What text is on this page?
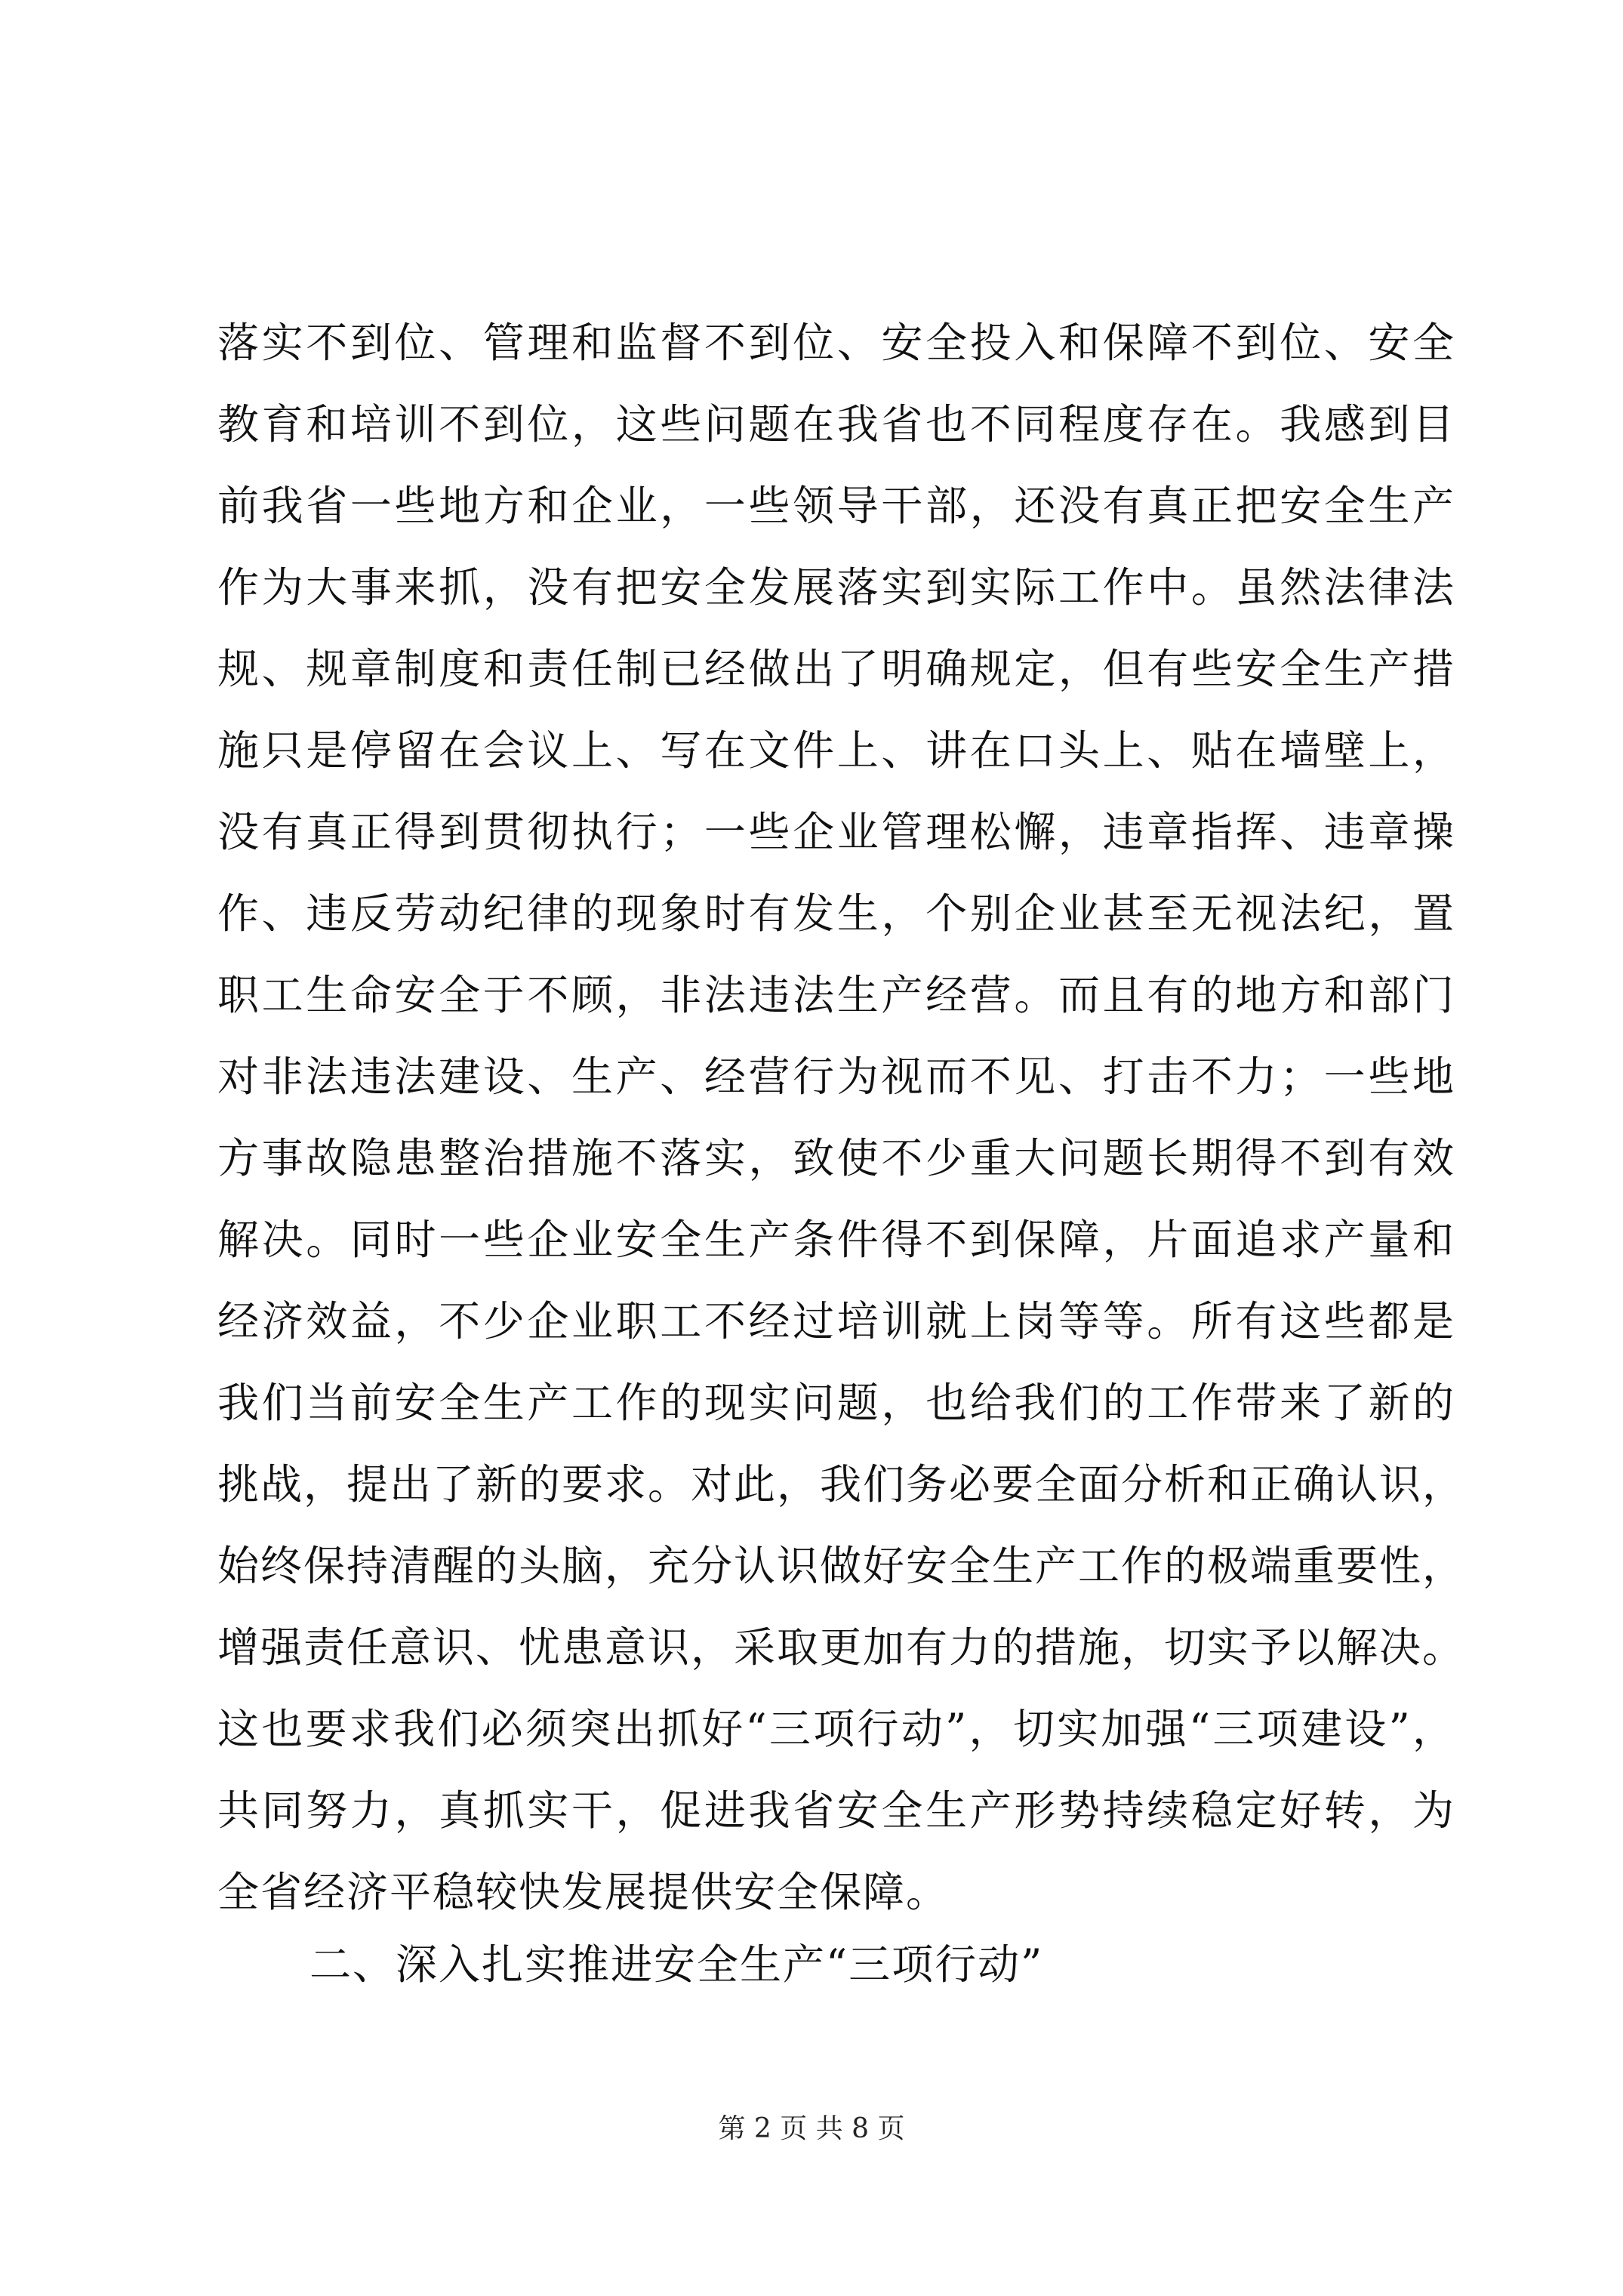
落实不到位、管理和监督不到位、安全投入和保障不到位、安全
教育和培训不到位，这些问题在我省也不同程度存在。我感到目
前我省一些地方和企业，一些领导干部，还没有真正把安全生产
作为大事来抓，没有把安全发展落实到实际工作中。虽然法律法
规、规章制度和责任制已经做出了明确规定，但有些安全生产措
施只是停留在会议上、写在文件上、讲在口头上、贴在墙壁上，
没有真正得到贯彻执行；一些企业管理松懈，违章指挥、违章操
作、违反劳动纪律的现象时有发生，个别企业甚至无视法纪，置
职工生命安全于不顾，非法违法生产经营。而且有的地方和部门
对非法违法建设、生产、经营行为视而不见、打击不力；一些地
方事故隐患整治措施不落实，致使不少重大问题长期得不到有效
解决。同时一些企业安全生产条件得不到保障，片面追求产量和
经济效益，不少企业职工不经过培训就上岗等等。所有这些都是
我们当前安全生产工作的现实问题，也给我们的工作带来了新的
挑战，提出了新的要求。对此，我们务必要全面分析和正确认识，
始终保持清醒的头脑，充分认识做好安全生产工作的极端重要性，
增强责任意识、忧患意识，采取更加有力的措施，切实予以解决。
这也要求我们必须突出抓好“三项行动”，切实加强“三项建设”，
共同努力，真抓实干，促进我省安全生产形势持续稳定好转，为
全省经济平稳较快发展提供安全保障。
二、深入扎实推进安全生产“三项行动”
第 2 页 共 8 页
